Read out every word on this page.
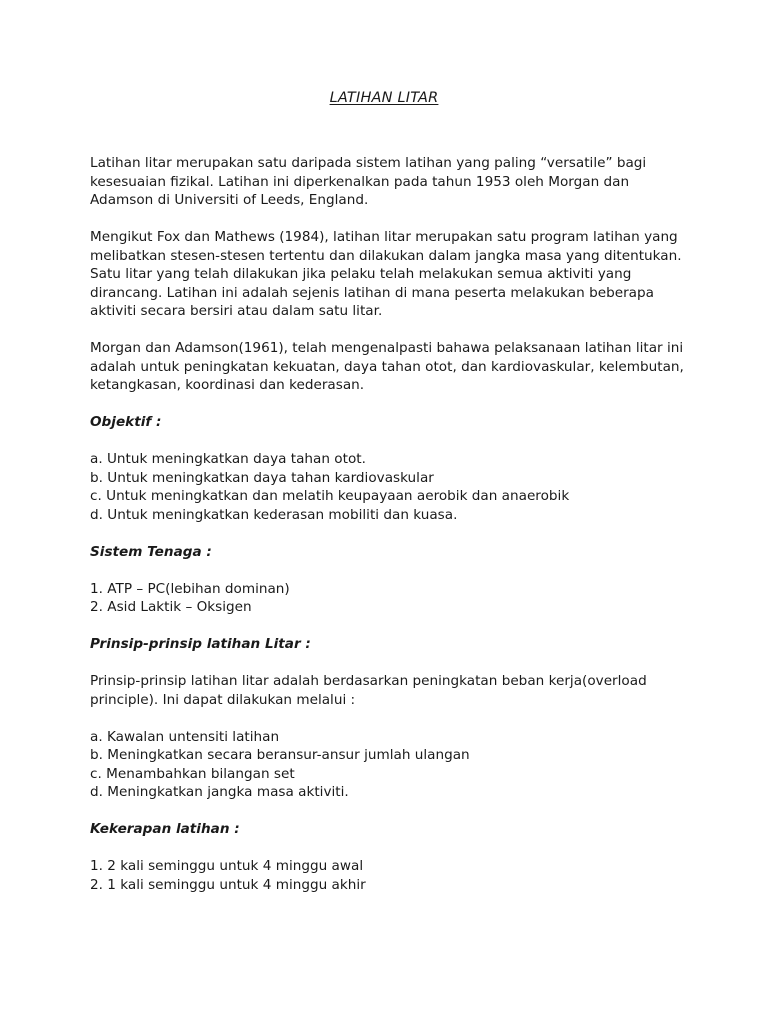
LATIHAN LITAR

Latihan litar merupakan satu daripada sistem latihan yang paling “versatile” bagi kesesuaian fizikal. Latihan ini diperkenalkan pada tahun 1953 oleh Morgan dan Adamson di Universiti of Leeds, England.

Mengikut Fox dan Mathews (1984), latihan litar merupakan satu program latihan yang melibatkan stesen-stesen tertentu dan dilakukan dalam jangka masa yang ditentukan. Satu litar yang telah dilakukan jika pelaku telah melakukan semua aktiviti yang dirancang. Latihan ini adalah sejenis latihan di mana peserta melakukan beberapa aktiviti secara bersiri atau dalam satu litar.

Morgan dan Adamson(1961), telah mengenalpasti bahawa pelaksanaan latihan litar ini adalah untuk peningkatan kekuatan, daya tahan otot, dan kardiovaskular, kelembutan, ketangkasan, koordinasi dan kederasan.

Objektif :
a. Untuk meningkatkan daya tahan otot.
b. Untuk meningkatkan daya tahan kardiovaskular
c. Untuk meningkatkan dan melatih keupayaan aerobik dan anaerobik
d. Untuk meningkatkan kederasan mobiliti dan kuasa.
Sistem Tenaga :
1. ATP – PC(lebihan dominan)
2. Asid Laktik – Oksigen
Prinsip-prinsip latihan Litar :

Prinsip-prinsip latihan litar adalah berdasarkan peningkatan beban kerja(overload principle). Ini dapat dilakukan melalui :

a. Kawalan untensiti latihan
b. Meningkatkan secara beransur-ansur jumlah ulangan
c. Menambahkan bilangan set
d. Meningkatkan jangka masa aktiviti.
Kekerapan latihan :
1. 2 kali seminggu untuk 4 minggu awal
2. 1 kali seminggu untuk 4 minggu akhir
